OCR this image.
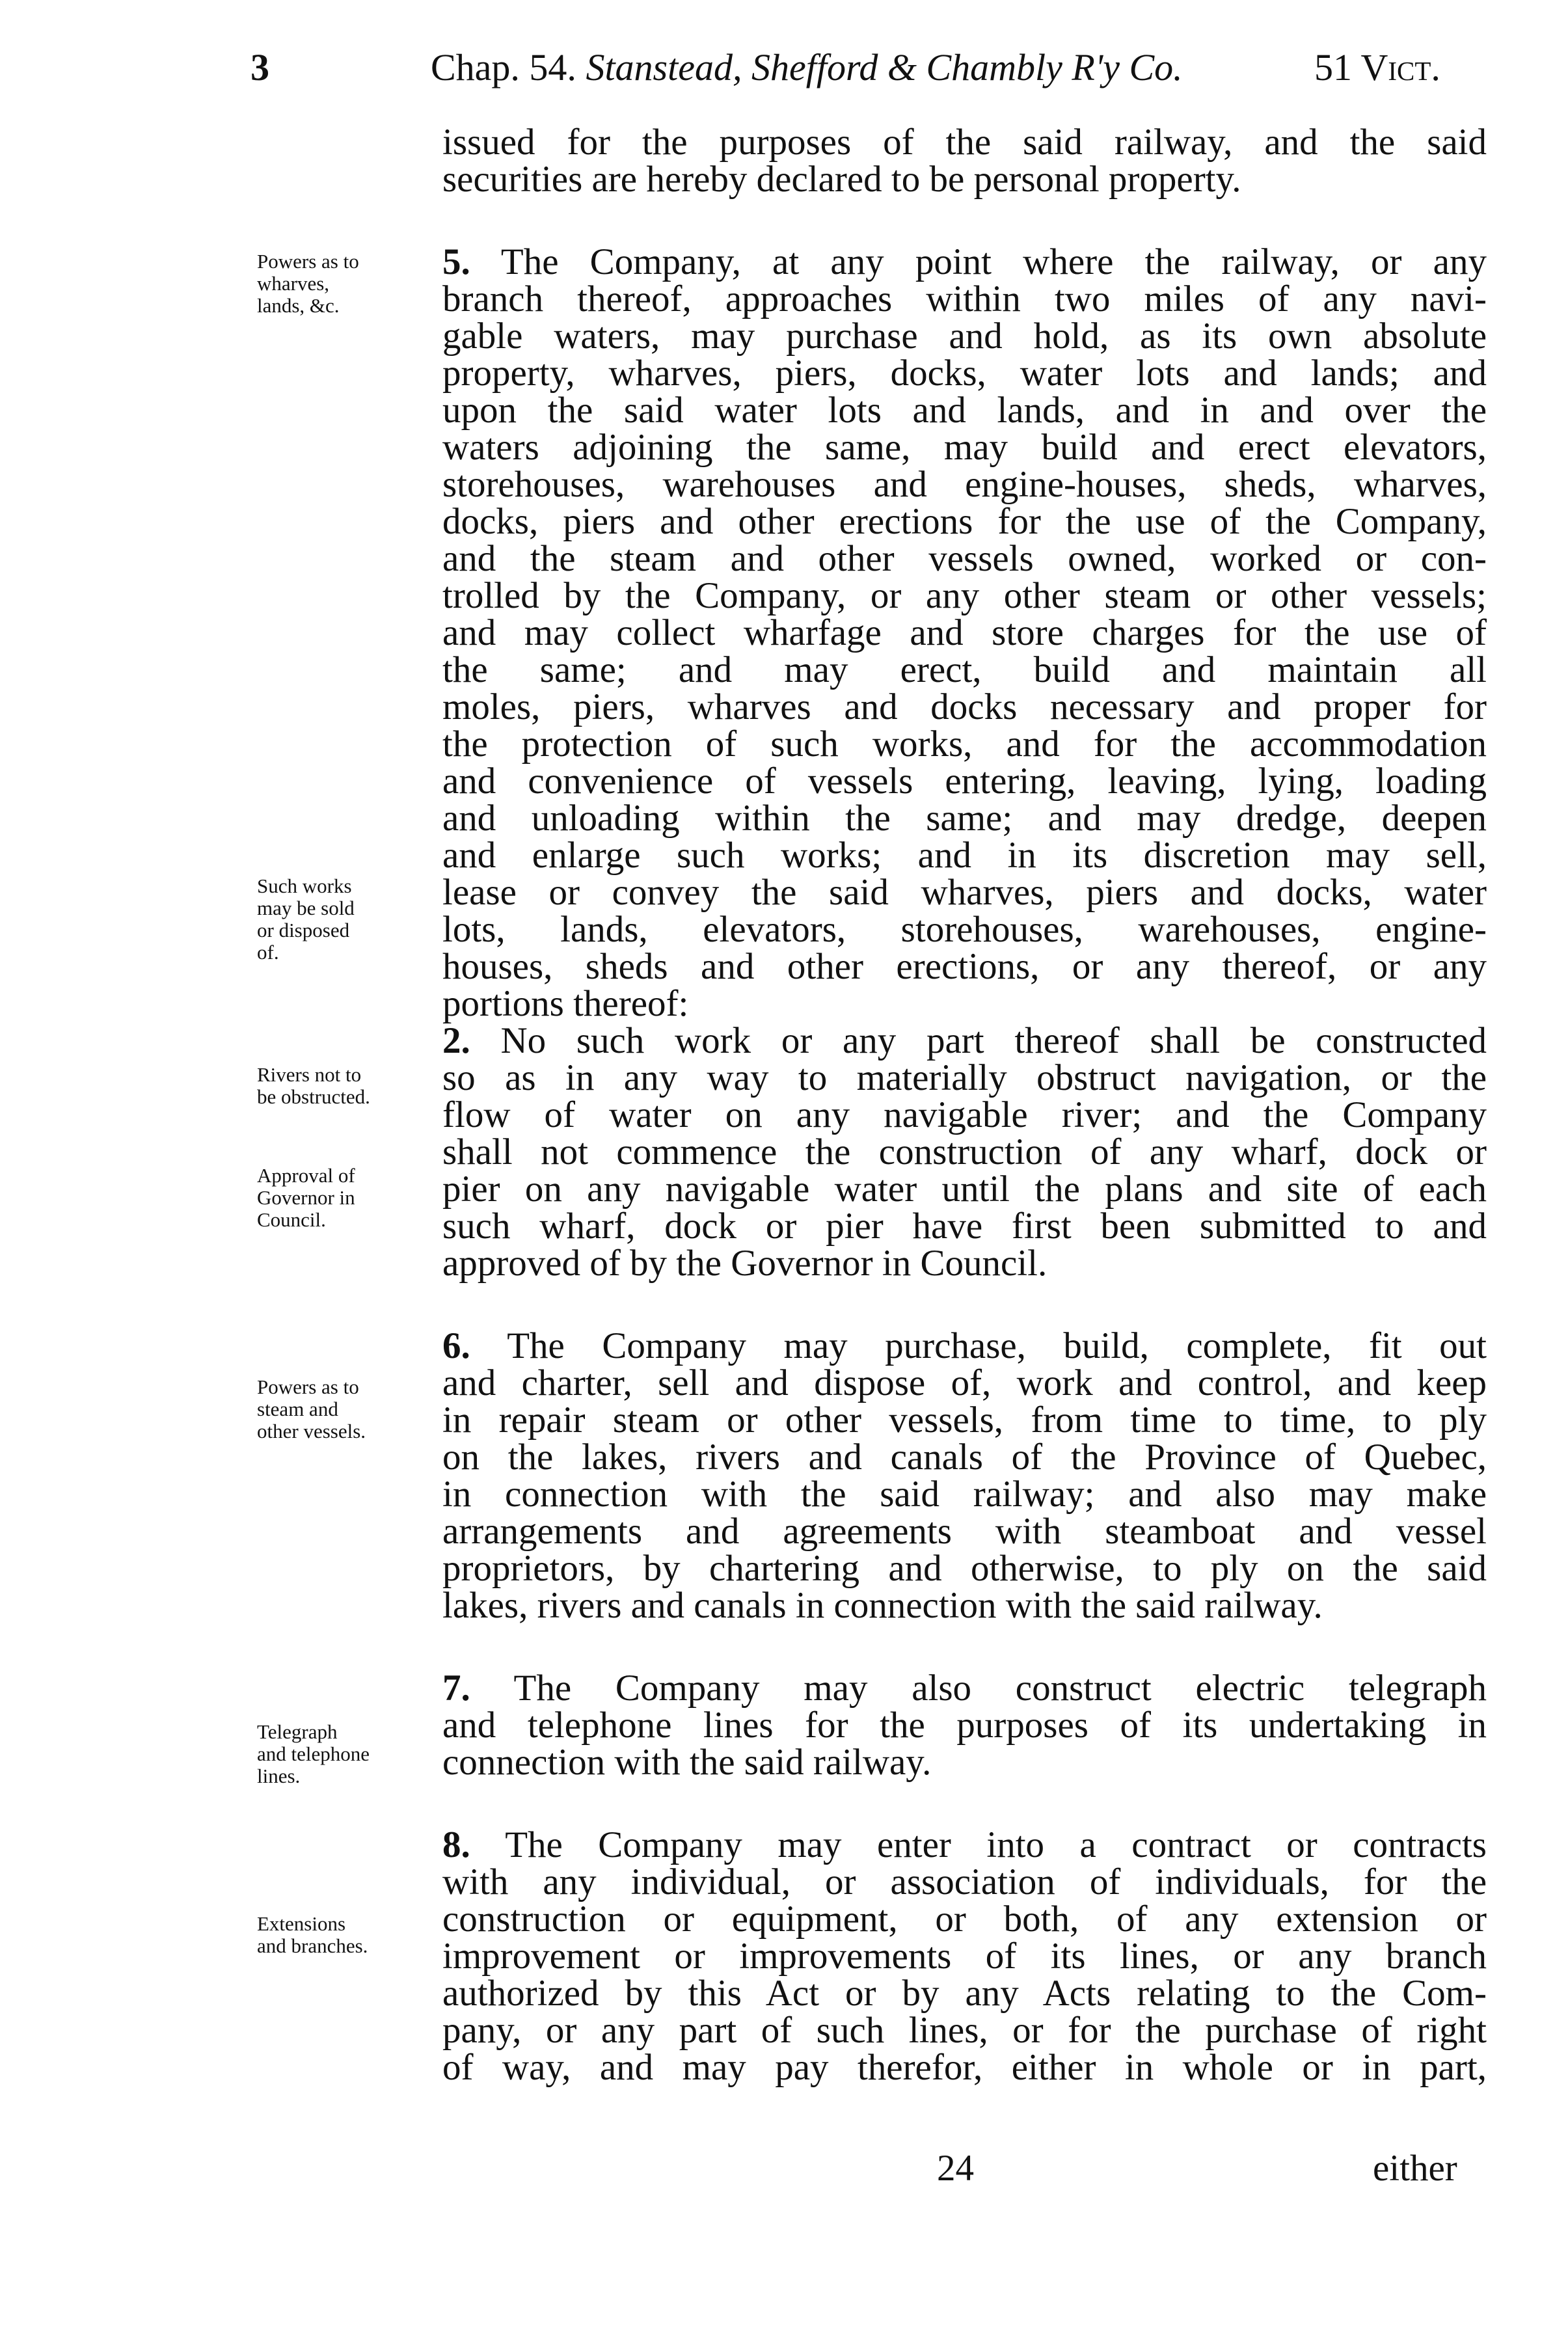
3	Chap. 54. Stanstead, Shefford & Chambly R'y Co.	51 Vict.
Powers as to
wharves,
lands, &c.
Such works
may be sold
or disposed
of.
Rivers not to
be obstructed.
Approval of
Governor in
Council.
Powers as to
steam and
other vessels.
Telegraph
and telephone
lines.
Extensions
and branches.
issued for the purposes of the said railway, and the said
securities are hereby declared to be personal property.
5. The Company, at any point where the railway, or any
branch thereof, approaches within two miles of any navi-
gable waters, may purchase and hold, as its own absolute
property, wharves, piers, docks, water lots and lands; and
upon the said water lots and lands, and in and over the
waters adjoining the same, may build and erect elevators,
storehouses, warehouses and engine-houses, sheds, wharves,
docks, piers and other erections for the use of the Company,
and the steam and other vessels owned, worked or con-
trolled by the Company, or any other steam or other vessels;
and may collect wharfage and store charges for the use of
the same; and may erect, build and maintain all
moles, piers, wharves and docks necessary and proper for
the protection of such works, and for the accommodation
and convenience of vessels entering, leaving, lying, loading
and unloading within the same; and may dredge, deepen
and enlarge such works; and in its discretion may sell,
lease or convey the said wharves, piers and docks, water
lots, lands, elevators, storehouses, warehouses, engine-
houses, sheds and other erections, or any thereof, or any
portions thereof:
2. No such work or any part thereof shall be constructed
so as in any way to materially obstruct navigation, or the
flow of water on any navigable river; and the Company
shall not commence the construction of any wharf, dock or
pier on any navigable water until the plans and site of each
such wharf, dock or pier have first been submitted to and
approved of by the Governor in Council.
6. The Company may purchase, build, complete, fit out
and charter, sell and dispose of, work and control, and keep
in repair steam or other vessels, from time to time, to ply
on the lakes, rivers and canals of the Province of Quebec,
in connection with the said railway; and also may make
arrangements and agreements with steamboat and vessel
proprietors, by chartering and otherwise, to ply on the said
lakes, rivers and canals in connection with the said railway.
7. The Company may also construct electric telegraph
and telephone lines for the purposes of its undertaking in
connection with the said railway.
8. The Company may enter into a contract or contracts
with any individual, or association of individuals, for the
construction or equipment, or both, of any extension or
improvement or improvements of its lines, or any branch
authorized by this Act or by any Acts relating to the Com-
pany, or any part of such lines, or for the purchase of right
of way, and may pay therefor, either in whole or in part,
24	either
